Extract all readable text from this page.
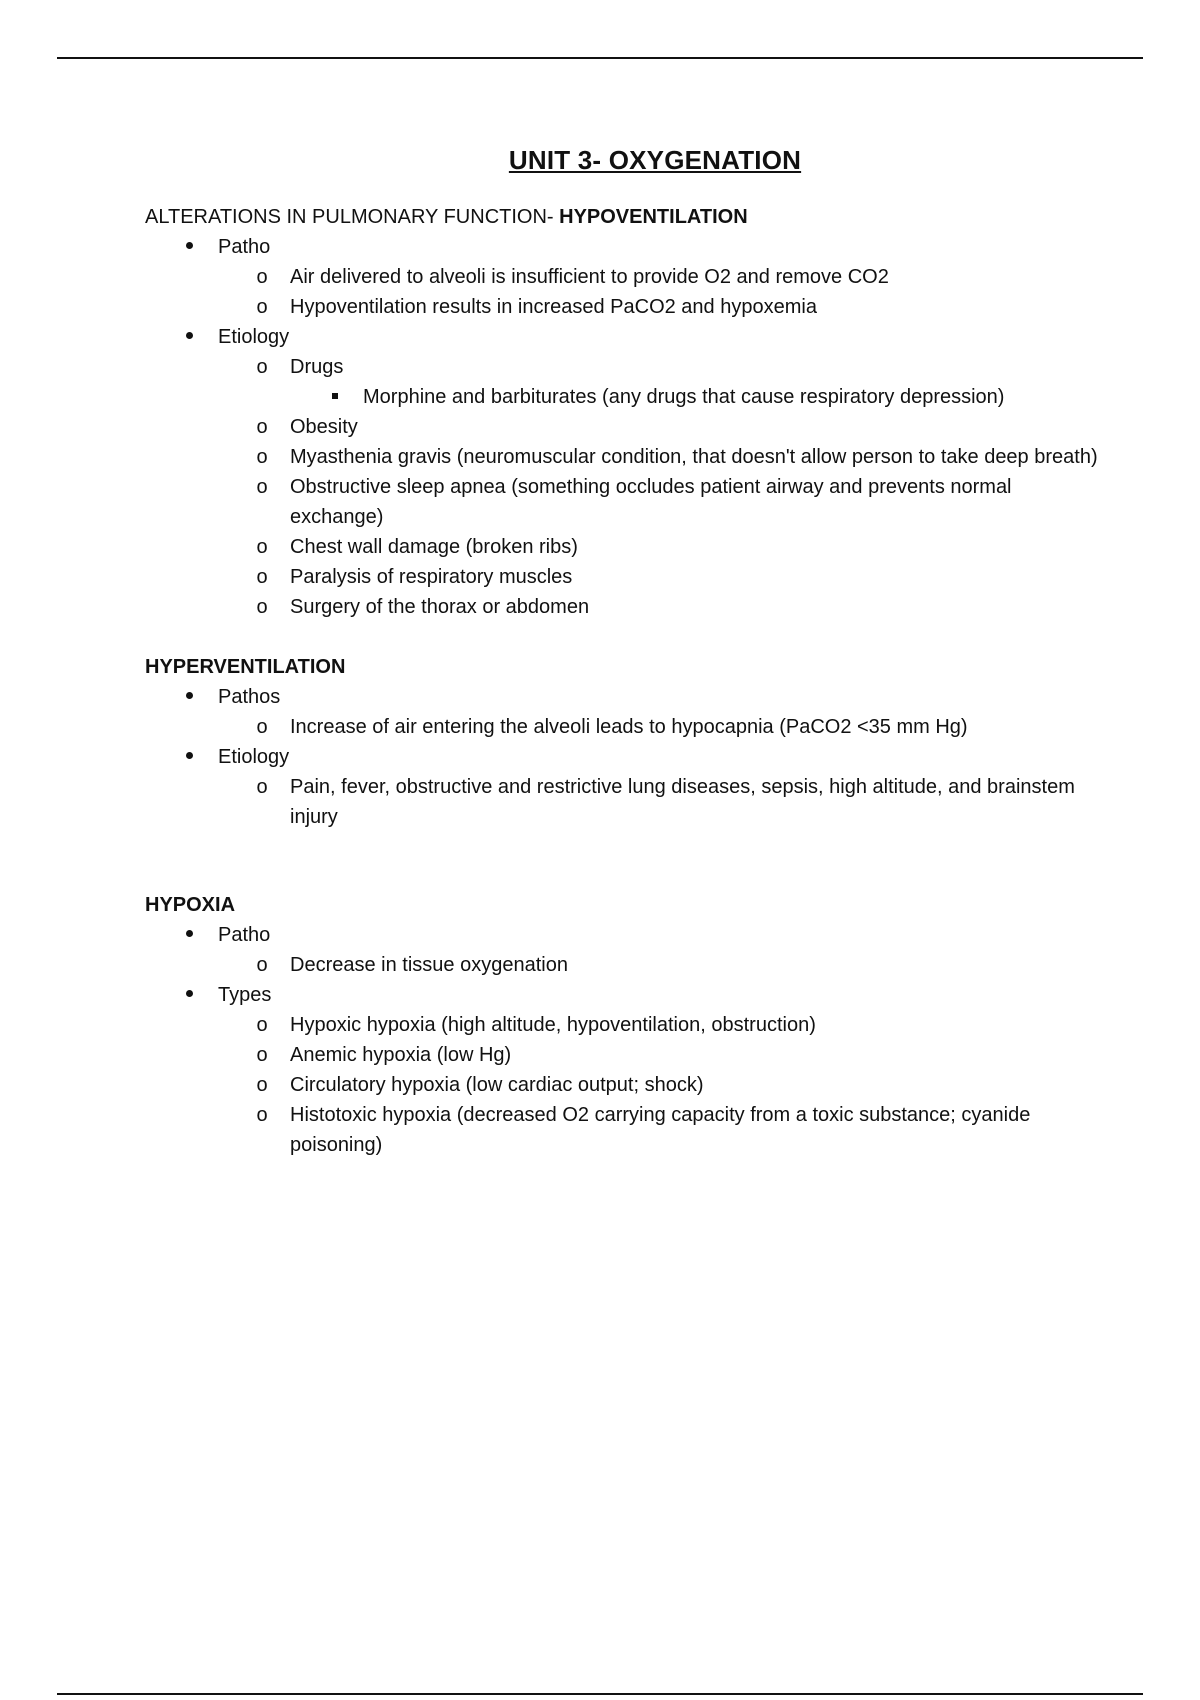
UNIT 3- OXYGENATION

ALTERATIONS IN PULMONARY FUNCTION- HYPOVENTILATION

Patho

o Air delivered to alveoli is insufficient to provide O2 and remove CO2

o Hypoventilation results in increased PaCO2 and hypoxemia

Etiology

o Drugs

Morphine and barbiturates (any drugs that cause respiratory depression)

o Obesity

o Myasthenia gravis (neuromuscular condition, that doesn't allow person to take deep breath)

o Obstructive sleep apnea (something occludes patient airway and prevents normal exchange)

o Chest wall damage (broken ribs)

o Paralysis of respiratory muscles

o Surgery of the thorax or abdomen

HYPERVENTILATION

Pathos

o Increase of air entering the alveoli leads to hypocapnia (PaCO2 <35 mm Hg)

Etiology

o Pain, fever, obstructive and restrictive lung diseases, sepsis, high altitude, and brainstem injury

HYPOXIA

Patho

o Decrease in tissue oxygenation

Types

o Hypoxic hypoxia (high altitude, hypoventilation, obstruction)

o Anemic hypoxia (low Hg)

o Circulatory hypoxia (low cardiac output; shock)

o Histotoxic hypoxia (decreased O2 carrying capacity from a toxic substance; cyanide poisoning)
